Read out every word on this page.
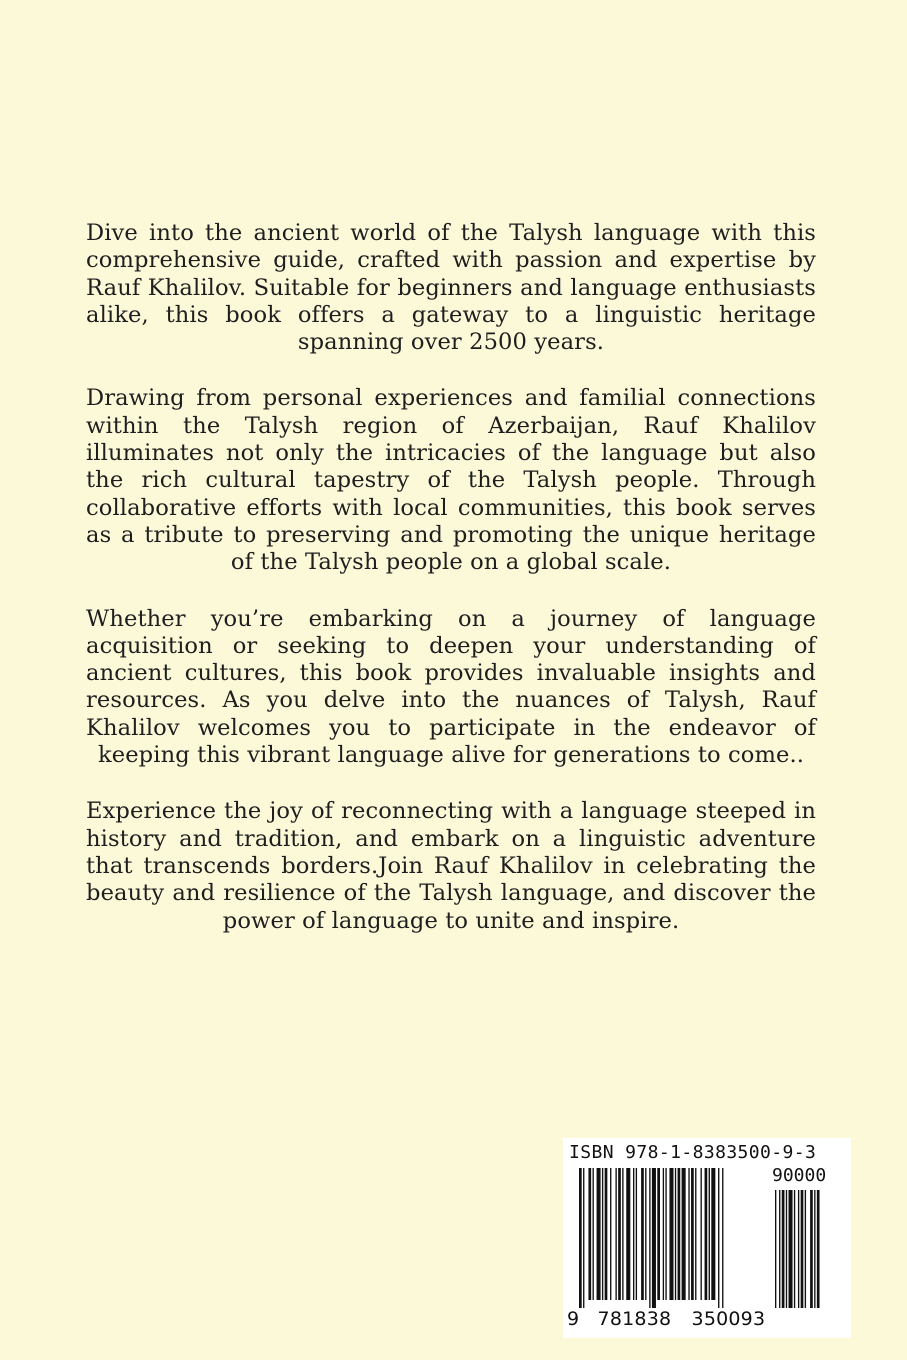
Dive into the ancient world of the Talysh language with this comprehensive guide, crafted with passion and expertise by Rauf Khalilov. Suitable for beginners and language enthusiasts alike, this book offers a gateway to a linguistic heritage spanning over 2500 years.

Drawing from personal experiences and familial connections within the Talysh region of Azerbaijan, Rauf Khalilov illuminates not only the intricacies of the language but also the rich cultural tapestry of the Talysh people. Through collaborative efforts with local communities, this book serves as a tribute to preserving and promoting the unique heritage of the Talysh people on a global scale.

Whether you’re embarking on a journey of language acquisition or seeking to deepen your understanding of ancient cultures, this book provides invaluable insights and resources. As you delve into the nuances of Talysh, Rauf Khalilov welcomes you to participate in the endeavor of keeping this vibrant language alive for generations to come..

Experience the joy of reconnecting with a language steeped in history and tradition, and embark on a linguistic adventure that transcends borders.Join Rauf Khalilov in celebrating the beauty and resilience of the Talysh language, and discover the power of language to unite and inspire.

ISBN 978-1-8383500-9-3
90000
9 781838 350093
